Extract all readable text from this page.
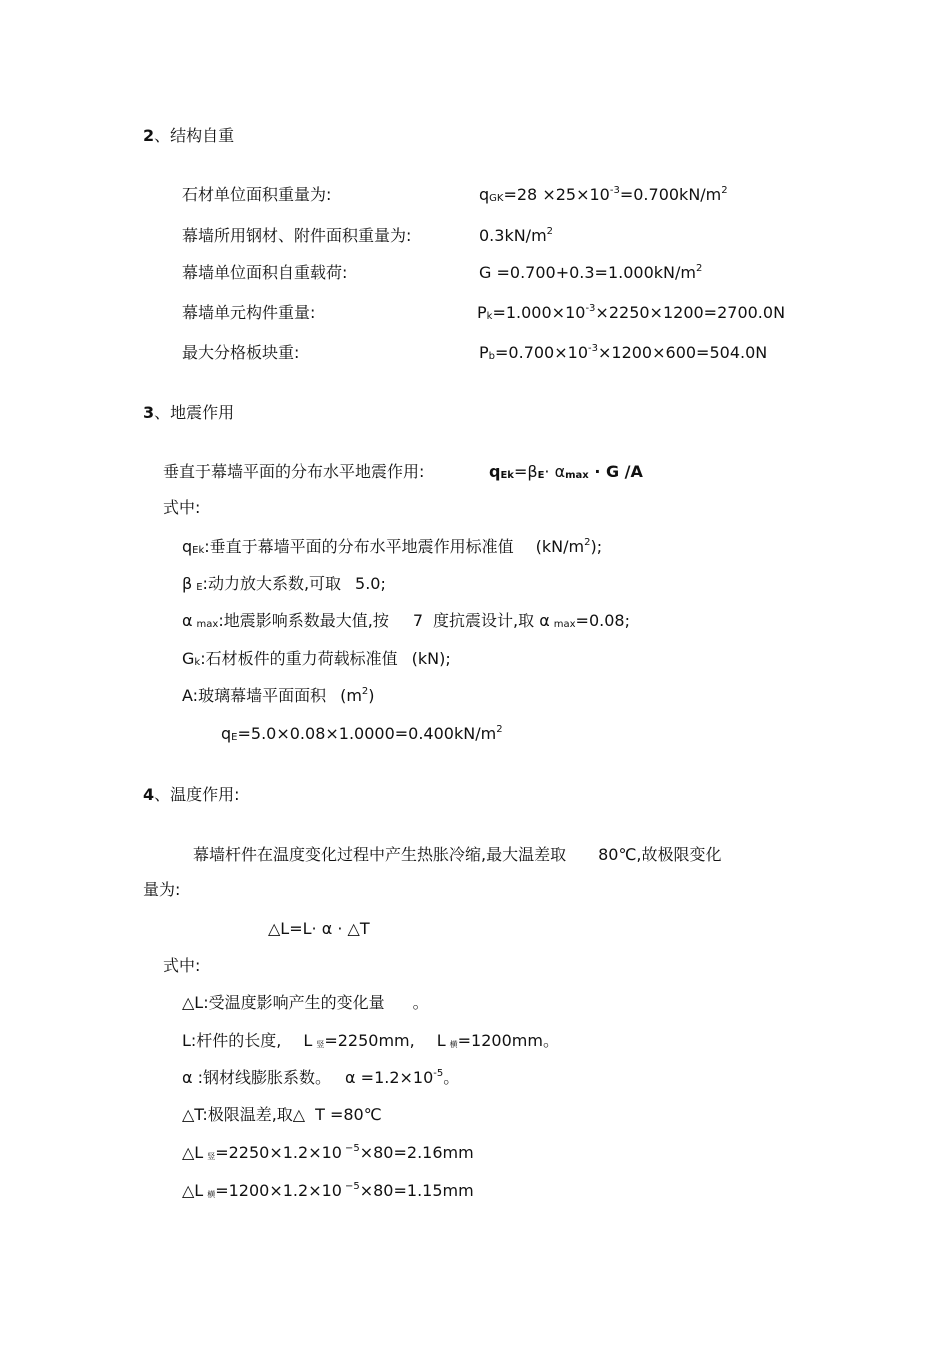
2、结构自重
石材单位面积重量为:	$qGK=28 \times 25\times 10^{-3}=0.700kN/m^2$
幕墙所用钢材、附件面积重量为:	$0.3kN/m^2$
幕墙单位面积自重载荷:	$G =0.700+0.3=1.000kN/m^2$
幕墙单元构件重量:	$Pk=1.000\times 10^{-3}\times 2250\times 1200=2700.0N$
最大分格板块重:	$Pb=0.700\times 10^{-3}\times 1200\times 600=504.0N$
3、地震作用
垂直于幕墙平面的分布水平地震作用:	qEk=βE· αmax · G /A
式中:
qEk:垂直于幕墙平面的分布水平地震作用标准值 $(kN/m^2)$;
β E:动力放大系数,可取 5.0;
αmax:地震影响系数最大值,按 7 度抗震设计,取 α max=0.08;
Gk:石材板件的重力荷载标准值 (kN);
A:玻璃幕墙平面面积 $(m^2)$
$qE=5.0\times 0.08\times 1.0000=0.400kN/m^2$
4、温度作用:
幕墙杆件在温度变化过程中产生热胀冷缩,最大温差取 80℃,故极限变化
量为:
△L=L· α · △T
式中:
△L:受温度影响产生的变化量 。
L:杆件的长度, L 竖=2250mm, L 横=1200mm。
α :钢材线膨胀系数。 $\alpha =1.2\times 10^{-5}$。
△T:极限温差,取△ T =80℃
△L 竖=2250×1.2×10 $^{-5}$×80=2.16mm
△L 横=1200×1.2×10 $^{-5}$×80=1.15mm
